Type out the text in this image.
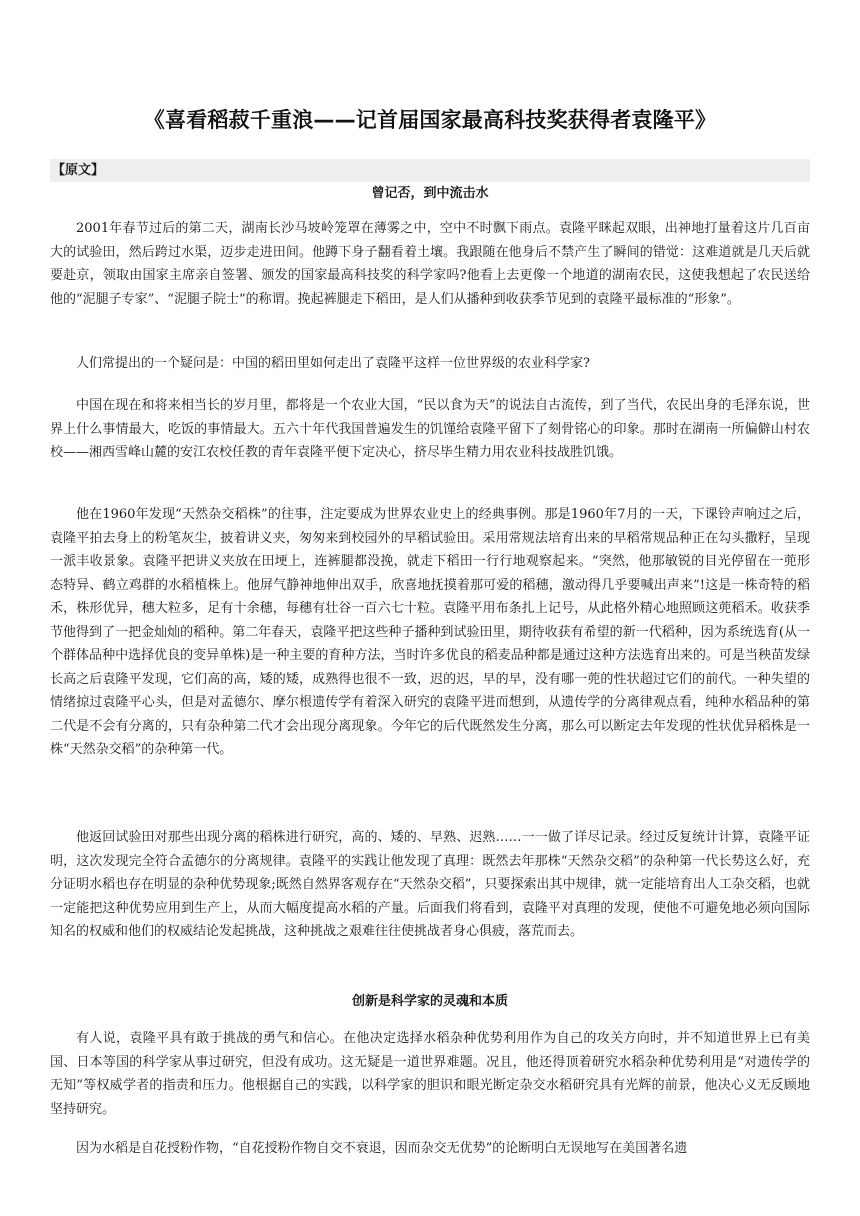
《喜看稻菽千重浪——记首届国家最高科技奖获得者袁隆平》
【原文】
曾记否，到中流击水

2001年春节过后的第二天，湖南长沙马坡岭笼罩在薄雾之中，空中不时飘下雨点。袁隆平眯起双眼，出神地打量着这片几百亩大的试验田，然后跨过水渠，迈步走进田间。他蹲下身子翻看着土壤。我跟随在他身后不禁产生了瞬间的错觉：这难道就是几天后就要赴京，领取由国家主席亲自签署、颁发的国家最高科技奖的科学家吗?他看上去更像一个地道的湖南农民，这使我想起了农民送给他的“泥腿子专家”、“泥腿子院士”的称谓。挽起裤腿走下稻田，是人们从播种到收获季节见到的袁隆平最标准的“形象”。

人们常提出的一个疑问是：中国的稻田里如何走出了袁隆平这样一位世界级的农业科学家?

中国在现在和将来相当长的岁月里，都将是一个农业大国，“民以食为天”的说法自古流传，到了当代，农民出身的毛泽东说，世界上什么事情最大，吃饭的事情最大。五六十年代我国普遍发生的饥馑给袁隆平留下了刻骨铭心的印象。那时在湖南一所偏僻山村农校——湘西雪峰山麓的安江农校任教的青年袁隆平便下定决心，挤尽毕生精力用农业科技战胜饥饿。

他在1960年发现“天然杂交稻株”的往事，注定要成为世界农业史上的经典事例。那是1960年7月的一天，下课铃声响过之后，袁隆平拍去身上的粉笔灰尘，披着讲义夹，匆匆来到校园外的早稻试验田。采用常规法培育出来的早稻常规品种正在勾头撒籽，呈现一派丰收景象。袁隆平把讲义夹放在田埂上，连裤腿都没挽，就走下稻田一行行地观察起来。“突然，他那敏锐的目光停留在一蔸形态特异、鹤立鸡群的水稻植株上。他屏气静神地伸出双手，欣喜地抚摸着那可爱的稻穗，激动得几乎要喊出声来”!这是一株奇特的稻禾，株形优异，穗大粒多，足有十余穗，每穗有壮谷一百六七十粒。袁隆平用布条扎上记号，从此格外精心地照顾这蔸稻禾。收获季节他得到了一把金灿灿的稻种。第二年春天，袁隆平把这些种子播种到试验田里，期待收获有希望的新一代稻种，因为系统选育(从一个群体品种中选择优良的变异单株)是一种主要的育种方法，当时许多优良的稻麦品种都是通过这种方法选育出来的。可是当秧苗发绿长高之后袁隆平发现，它们高的高，矮的矮，成熟得也很不一致，迟的迟，早的早，没有哪一蔸的性状超过它们的前代。一种失望的情绪掠过袁隆平心头，但是对孟德尔、摩尔根遗传学有着深入研究的袁隆平进而想到，从遗传学的分离律观点看，纯种水稻品种的第二代是不会有分离的，只有杂种第二代才会出现分离现象。今年它的后代既然发生分离，那么可以断定去年发现的性状优异稻株是一株“天然杂交稻”的杂种第一代。

他返回试验田对那些出现分离的稻株进行研究，高的、矮的、早熟、迟熟……一一做了详尽记录。经过反复统计计算，袁隆平证明，这次发现完全符合孟德尔的分离规律。袁隆平的实践让他发现了真理：既然去年那株“天然杂交稻”的杂种第一代长势这么好，充分证明水稻也存在明显的杂种优势现象;既然自然界客观存在“天然杂交稻”，只要探索出其中规律，就一定能培育出人工杂交稻，也就一定能把这种优势应用到生产上，从而大幅度提高水稻的产量。后面我们将看到，袁隆平对真理的发现，使他不可避免地必须向国际知名的权威和他们的权威结论发起挑战，这种挑战之艰难往往使挑战者身心俱疲，落荒而去。

创新是科学家的灵魂和本质

有人说，袁隆平具有敢于挑战的勇气和信心。在他决定选择水稻杂种优势利用作为自己的攻关方向时，并不知道世界上已有美国、日本等国的科学家从事过研究，但没有成功。这无疑是一道世界难题。况且，他还得顶着研究水稻杂种优势利用是“对遗传学的无知”等权威学者的指责和压力。他根据自己的实践，以科学家的胆识和眼光断定杂交水稻研究具有光辉的前景，他决心义无反顾地坚持研究。

因为水稻是自花授粉作物，“自花授粉作物自交不衰退，因而杂交无优势”的论断明白无误地写在美国著名遗
